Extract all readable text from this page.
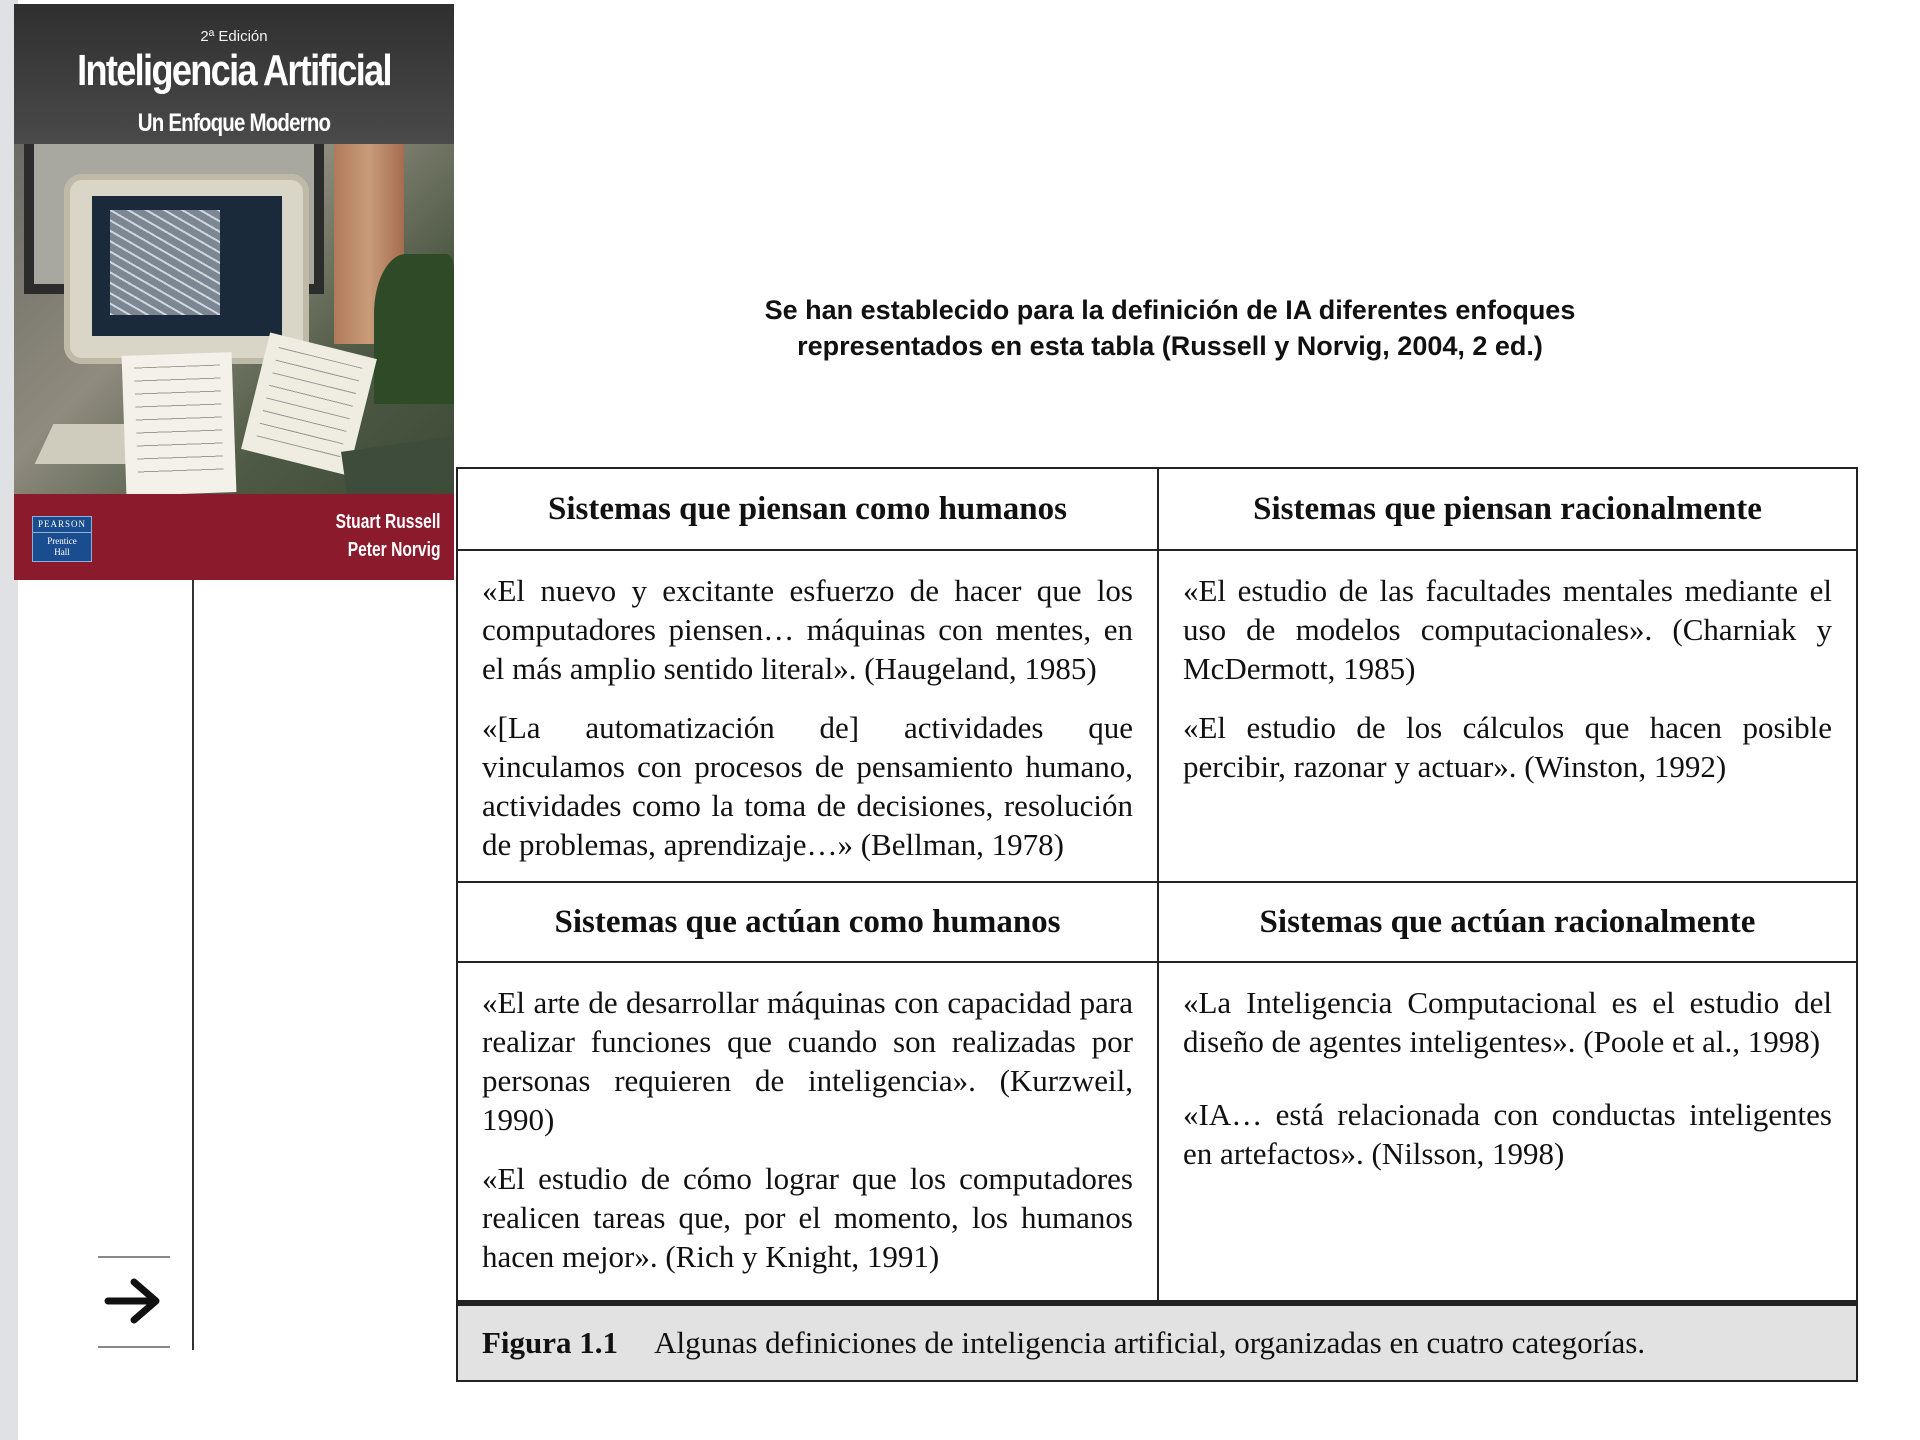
2ª Edición
Inteligencia Artificial
Un Enfoque Moderno
PEARSON
Prentice
Hall
Stuart Russell
Peter Norvig
Se han establecido para la definición de IA diferentes enfoques
representados en esta tabla (Russell y Norvig, 2004, 2 ed.)
Sistemas que piensan como humanos	Sistemas que piensan racionalmente

«El nuevo y excitante esfuerzo de hacer que los computadores piensen… máquinas con mentes, en el más amplio sentido literal». (Haugeland, 1985)

«[La automatización de] actividades que vinculamos con procesos de pensamiento humano, actividades como la toma de decisiones, resolución de problemas, aprendizaje…» (Bellman, 1978)

«El estudio de las facultades mentales mediante el uso de modelos computacionales». (Charniak y McDermott, 1985)

«El estudio de los cálculos que hacen posible percibir, razonar y actuar». (Winston, 1992)

Sistemas que actúan como humanos	Sistemas que actúan racionalmente

«El arte de desarrollar máquinas con capacidad para realizar funciones que cuando son realizadas por personas requieren de inteligencia». (Kurzweil, 1990)

«El estudio de cómo lograr que los computadores realicen tareas que, por el momento, los humanos hacen mejor». (Rich y Knight, 1991)

«La Inteligencia Computacional es el estudio del diseño de agentes inteligentes». (Poole et al., 1998)

«IA… está relacionada con conductas inteligentes en artefactos». (Nilsson, 1998)

Figura 1.1 Algunas definiciones de inteligencia artificial, organizadas en cuatro categorías.
